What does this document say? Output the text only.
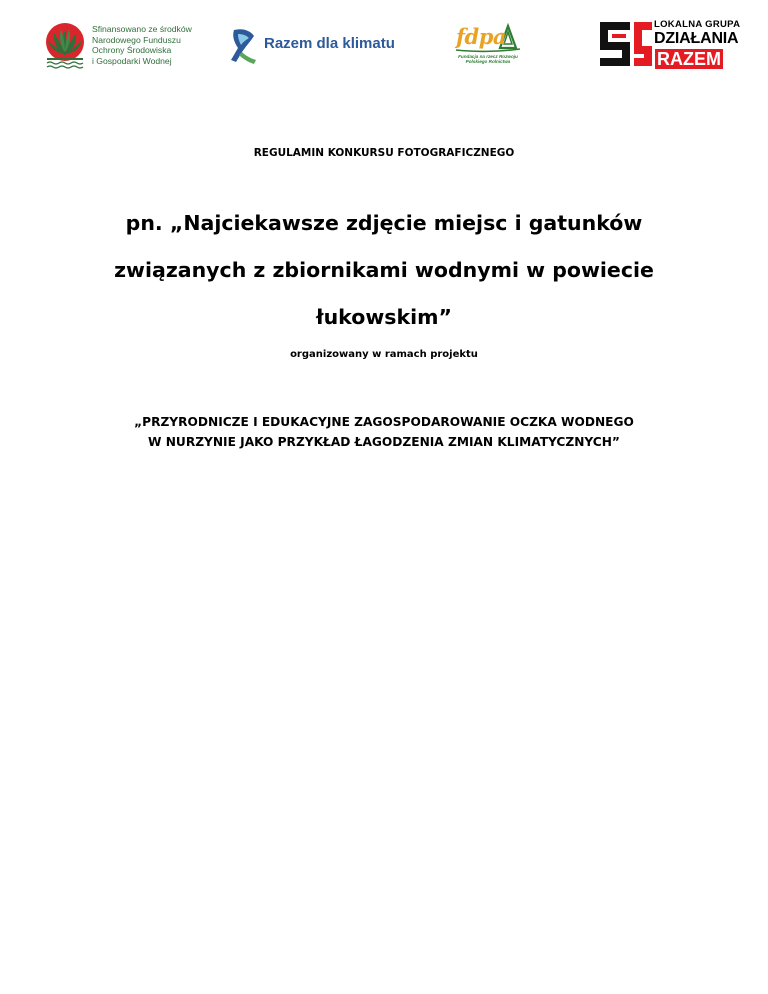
Sfinansowano ze środków
Narodowego Funduszu
Ochrony Środowiska
i Gospodarki Wodnej
Razem dla klimatu	fdpa
Fundacja na rzecz Rozwoju
Polskiego Rolnictwa
LOKALNA GRUPA
DZIAŁANIA
RAZEM
REGULAMIN KONKURSU FOTOGRAFICZNEGO
pn. „Najciekawsze zdjęcie miejsc i gatunków
związanych z zbiornikami wodnymi w powiecie
łukowskim”
organizowany w ramach projektu
„PRZYRODNICZE I EDUKACYJNE ZAGOSPODAROWANIE OCZKA WODNEGO
W NURZYNIE JAKO PRZYKŁAD ŁAGODZENIA ZMIAN KLIMATYCZNYCH”
